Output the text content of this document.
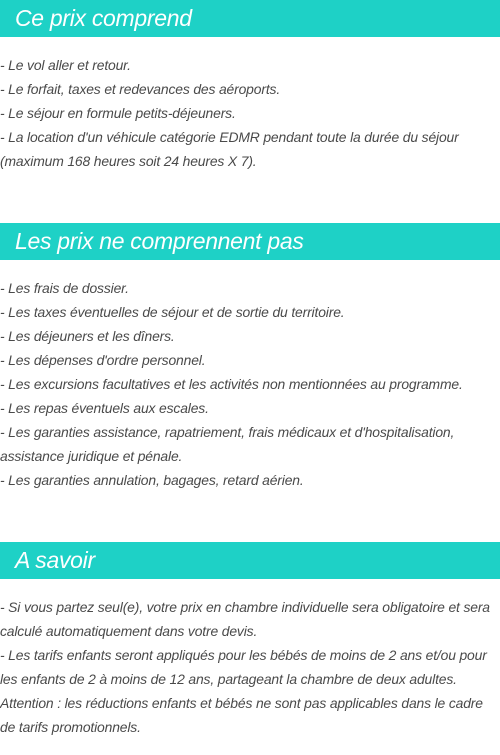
Ce prix comprend
- Le vol aller et retour.
- Le forfait, taxes et redevances des aéroports.
- Le séjour en formule petits-déjeuners.
- La location d'un véhicule catégorie EDMR pendant toute la durée du séjour (maximum 168 heures soit 24 heures X 7).
Les prix ne comprennent pas
- Les frais de dossier.
- Les taxes éventuelles de séjour et de sortie du territoire.
- Les déjeuners et les dîners.
- Les dépenses d'ordre personnel.
- Les excursions facultatives et les activités non mentionnées au programme.
- Les repas éventuels aux escales.
- Les garanties assistance, rapatriement, frais médicaux et d'hospitalisation, assistance juridique et pénale.
- Les garanties annulation, bagages, retard aérien.
A savoir
- Si vous partez seul(e), votre prix en chambre individuelle sera obligatoire et sera calculé automatiquement dans votre devis.
- Les tarifs enfants seront appliqués pour les bébés de moins de 2 ans et/ou pour les enfants de 2 à moins de 12 ans, partageant la chambre de deux adultes.
Attention : les réductions enfants et bébés ne sont pas applicables dans le cadre de tarifs promotionnels.
